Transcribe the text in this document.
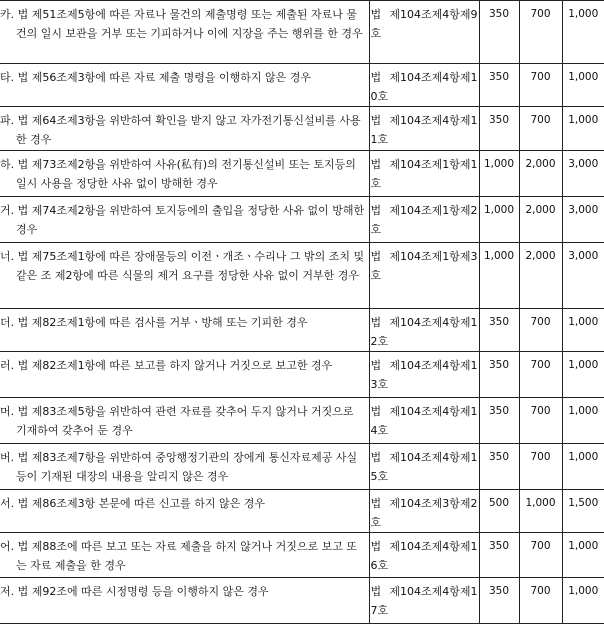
카. 법 제51조제5항에 따른 자료나 물건의 제출명령 또는 제출된 자료나 물건의 일시 보관을 거부 또는 기피하거나 이에 지장을 주는 행위를 한 경우	법 제104조제4항제9호	350	700	1,000
타. 법 제56조제3항에 따른 자료 제출 명령을 이행하지 않은 경우	법 제104조제4항제10호	350	700	1,000
파. 법 제64조제3항을 위반하여 확인을 받지 않고 자가전기통신설비를 사용한 경우	법 제104조제4항제11호	350	700	1,000
하. 법 제73조제2항을 위반하여 사유(私有)의 전기통신설비 또는 토지등의 일시 사용을 정당한 사유 없이 방해한 경우	법 제104조제1항제1호	1,000	2,000	3,000
거. 법 제74조제2항을 위반하여 토지등에의 출입을 정당한 사유 없이 방해한 경우	법 제104조제1항제2호	1,000	2,000	3,000
너. 법 제75조제1항에 따른 장애물등의 이전ㆍ개조ㆍ수리나 그 밖의 조치 및 같은 조 제2항에 따른 식물의 제거 요구를 정당한 사유 없이 거부한 경우	법 제104조제1항제3호	1,000	2,000	3,000
더. 법 제82조제1항에 따른 검사를 거부ㆍ방해 또는 기피한 경우	법 제104조제4항제12호	350	700	1,000
러. 법 제82조제1항에 따른 보고를 하지 않거나 거짓으로 보고한 경우	법 제104조제4항제13호	350	700	1,000
머. 법 제83조제5항을 위반하여 관련 자료를 갖추어 두지 않거나 거짓으로 기재하여 갖추어 둔 경우	법 제104조제4항제14호	350	700	1,000
버. 법 제83조제7항을 위반하여 중앙행정기관의 장에게 통신자료제공 사실 등이 기재된 대장의 내용을 알리지 않은 경우	법 제104조제4항제15호	350	700	1,000
서. 법 제86조제3항 본문에 따른 신고를 하지 않은 경우	법 제104조제3항제2호	500	1,000	1,500
어. 법 제88조에 따른 보고 또는 자료 제출을 하지 않거나 거짓으로 보고 또는 자료 제출을 한 경우	법 제104조제4항제16호	350	700	1,000
저. 법 제92조에 따른 시정명령 등을 이행하지 않은 경우	법 제104조제4항제17호	350	700	1,000
